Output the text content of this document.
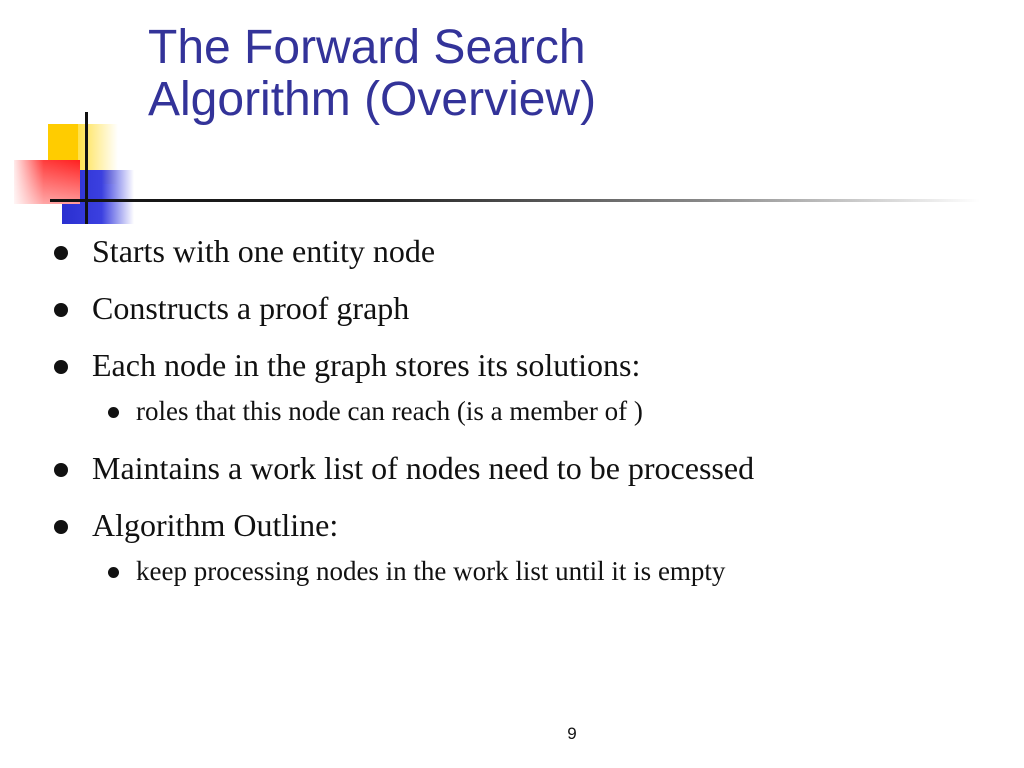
The Forward Search
Algorithm (Overview)
Starts with one entity node
Constructs a proof graph
Each node in the graph stores its solutions:
roles that this node can reach (is a member of )
Maintains a work list of nodes need to be processed
Algorithm Outline:
keep processing nodes in the work list until it is empty
9
